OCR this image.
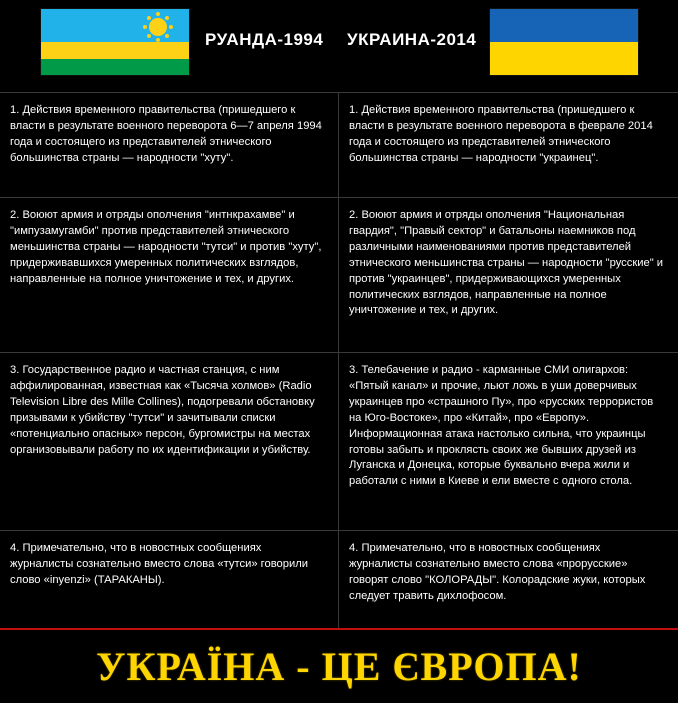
РУАНДА-1994 УКРАИНА-2014

1. Действия временного правительства (пришедшего к власти в результате военного переворота 6—7 апреля 1994 года и состоящего из представителей этнического большинства страны — народности "хуту".

2. Воюют армия и отряды ополчения "интнкрахамве" и "импузамугамби" против представителей этнического меньшинства страны — народности "тутси" и против "хуту", придерживавшихся умеренных политических взглядов, направленные на полное уничтожение и тех, и других.

3. Государственное радио и частная станция, с ним аффилированная, известная как «Тысяча холмов» (Radio Television Libre des Mille Collines), подогревали обстановку призывами к убийству "тутси" и зачитывали списки «потенциально опасных» персон, бургомистры на местах организовывали работу по их идентификации и убийству.

4. Примечательно, что в новостных сообщениях журналисты сознательно вместо слова «тутси» говорили слово «inyenzi» (ТАРАКАНЫ).

1. Действия временного правительства (пришедшего к власти в результате военного переворота в феврале 2014 года и состоящего из представителей этнического большинства страны — народности "украинец".

2. Воюют армия и отряды ополчения "Национальная гвардия", "Правый сектор" и батальоны наемников под различными наименованиями против представителей этнического меньшинства страны — народности "русские" и против "украинцев", придерживающихся умеренных политических взглядов, направленные на полное уничтожение и тех, и других.

3. Телебачение и радио - карманные СМИ олигархов: «Пятый канал» и прочие, льют ложь в уши доверчивых украинцев про «страшного Пу», про «русских террористов на Юго-Востоке», про «Китай», про «Европу». Информационная атака настолько сильна, что украинцы готовы забыть и проклясть своих же бывших друзей из Луганска и Донецка, которые буквально вчера жили и работали с ними в Киеве и ели вместе с одного стола.

4. Примечательно, что в новостных сообщениях журналисты сознательно вместо слова «прорусские» говорят слово "КОЛОРАДЫ". Колорадские жуки, которых следует травить дихлофосом.

УКРАЇНА - ЦЕ ЄВРОПА!
